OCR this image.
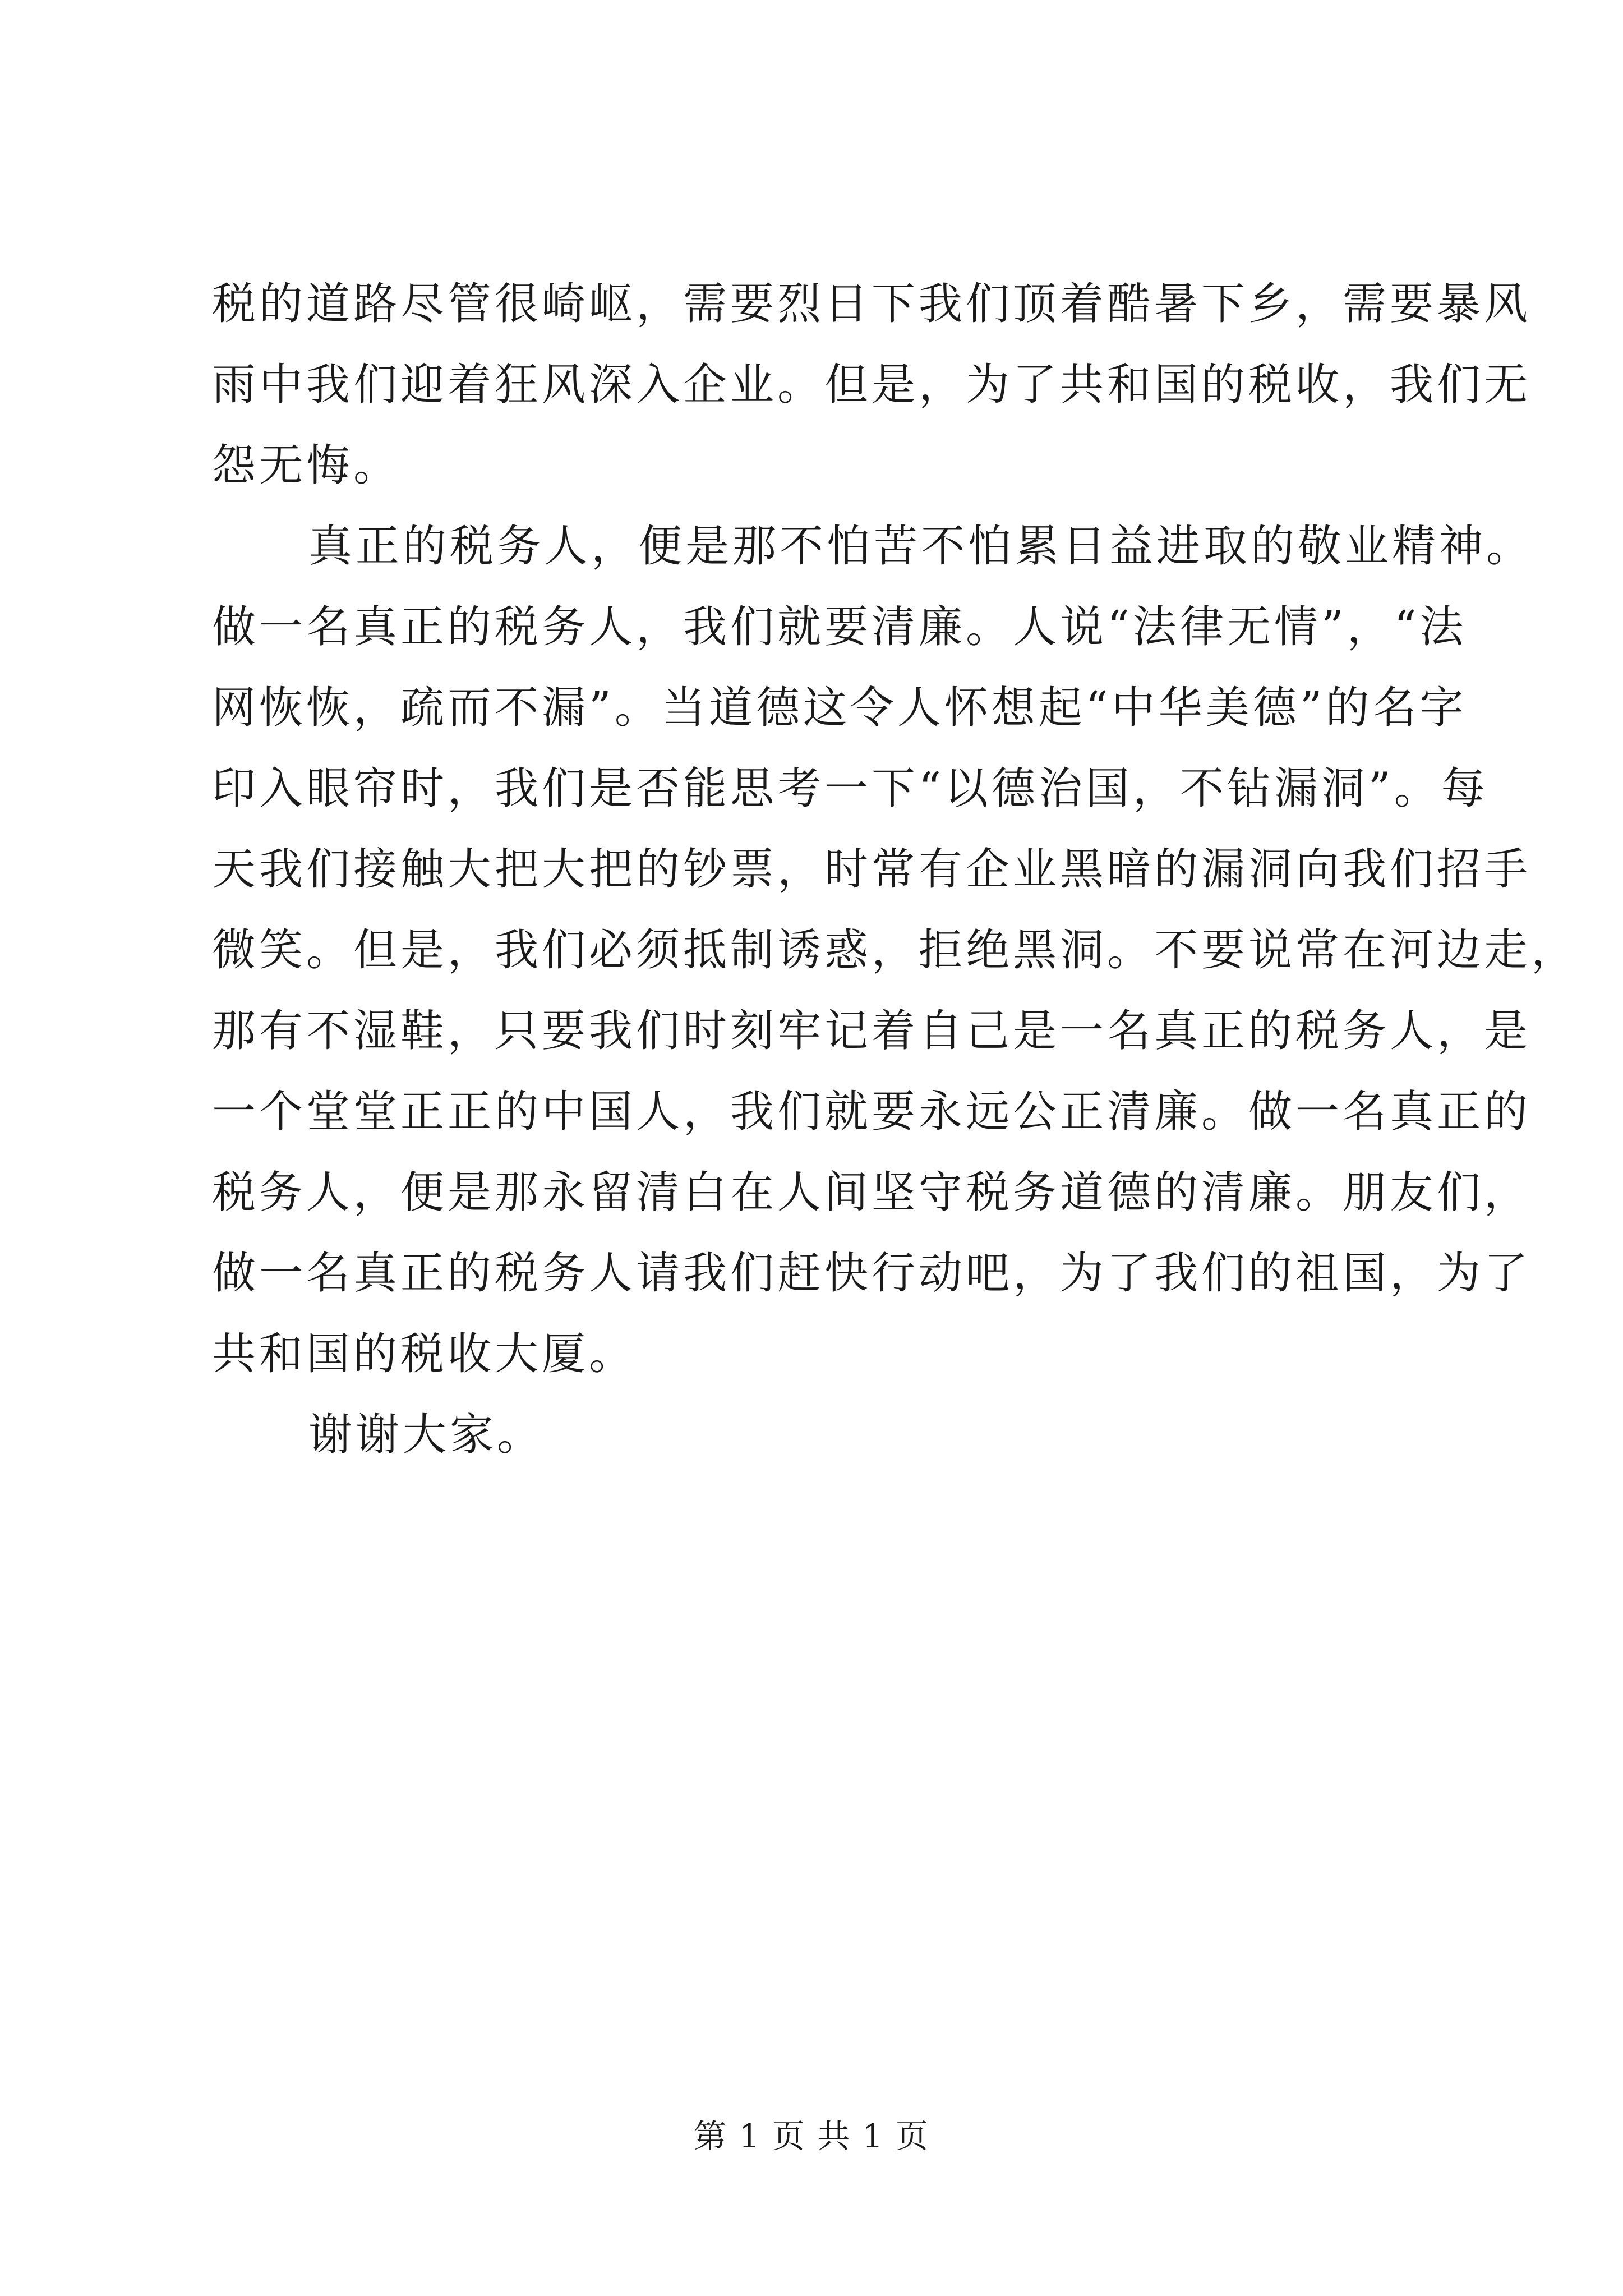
税的道路尽管很崎岖，需要烈日下我们顶着酷暑下乡，需要暴风
雨中我们迎着狂风深入企业。但是，为了共和国的税收，我们无
怨无悔。
真正的税务人，便是那不怕苦不怕累日益进取的敬业精神。
做一名真正的税务人，我们就要清廉。人说“法律无情”，“法
网恢恢，疏而不漏”。当道德这令人怀想起“中华美德”的名字
印入眼帘时，我们是否能思考一下“以德治国，不钻漏洞”。每
天我们接触大把大把的钞票，时常有企业黑暗的漏洞向我们招手
微笑。但是，我们必须抵制诱惑，拒绝黑洞。不要说常在河边走，
那有不湿鞋，只要我们时刻牢记着自己是一名真正的税务人，是
一个堂堂正正的中国人，我们就要永远公正清廉。做一名真正的
税务人，便是那永留清白在人间坚守税务道德的清廉。朋友们，
做一名真正的税务人请我们赶快行动吧，为了我们的祖国，为了
共和国的税收大厦。
谢谢大家。
第 1 页 共 1 页
